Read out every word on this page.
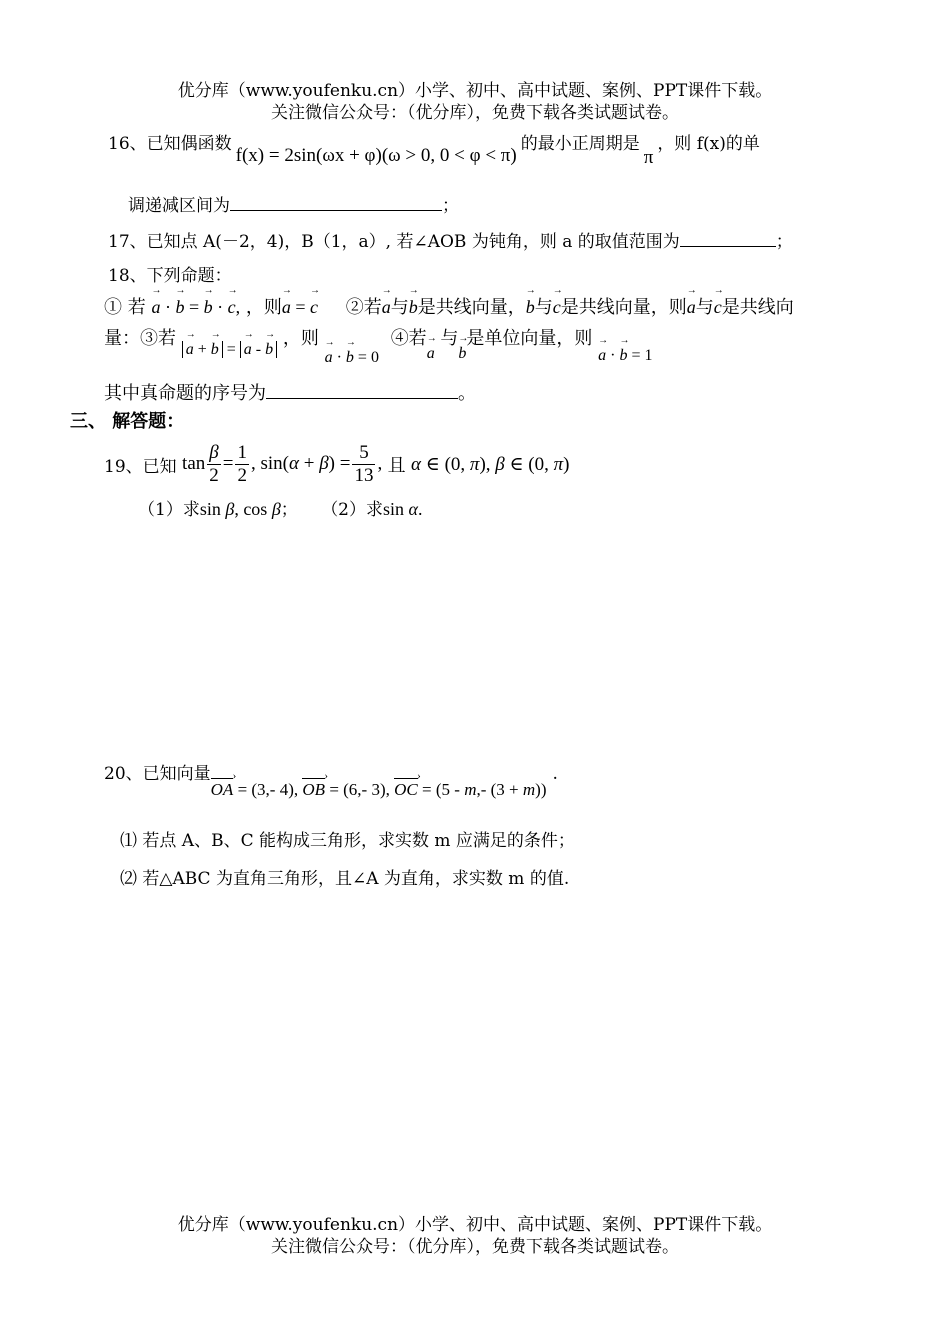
优分库（www.youfenku.cn）小学、初中、高中试题、案例、PPT课件下载。
关注微信公众号：（优分库），免费下载各类试题试卷。
16、已知偶函数f(x) = 2sin(ωx + φ)(ω > 0, 0 < φ < π)的最小正周期是π，则 f(x)的单
调递减区间为	；
17、已知点 A(－2，4)，B（1，a）, 若∠AOB 为钝角，则 a 的取值范围为	；
18、下列命题：
① 若 → a · → b = → b · → c, ，则→ a = → c ②若→ a与→ b是共线向量，→ b与→ c是共线向量，则→ a与→ c是共线向
量：③若 → a + → b = → a - → b ，则 → a · → b = 0 ④若→ a 与→ b是单位向量，则 → a · → b = 1
其中真命题的序号为	。
三、 解答题：
19、已知 $\tan \frac{\beta}{2} = \frac{1}{2}$ , $\sin(\alpha + \beta) = \frac{5}{13}$ , 且 α ∈ (0, π), β ∈ (0, π)
（1）求sin β, cos β； （2）求sin α.
20、已知向量OA › = (3,- 4), OB › = (6,- 3), OC › = (5 - m,- (3 + m)).
⑴ 若点 A、B、C 能构成三角形，求实数 m 应满足的条件；
⑵ 若△ABC 为直角三角形，且∠A 为直角，求实数 m 的值.
优分库（www.youfenku.cn）小学、初中、高中试题、案例、PPT课件下载。
关注微信公众号：（优分库），免费下载各类试题试卷。
